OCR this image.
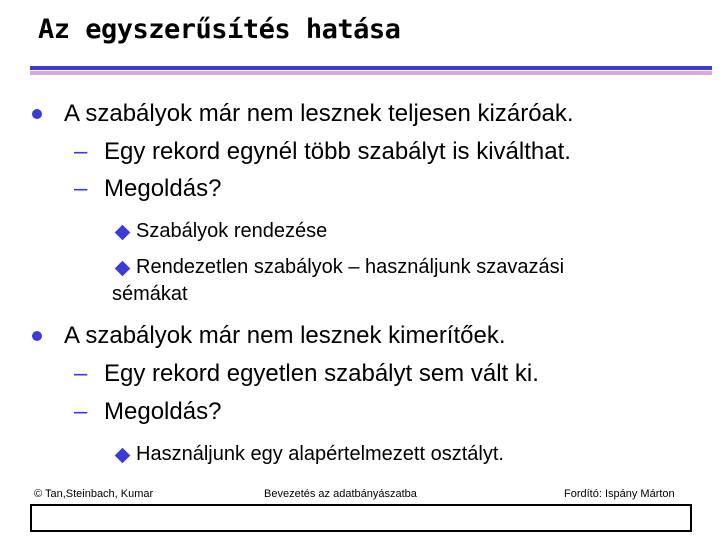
Az egyszerűsítés hatása
A szabályok már nem lesznek teljesen kizáróak.
– Egy rekord egynél több szabályt is kiválthat.
– Megoldás?
Szabályok rendezése
Rendezetlen szabályok – használjunk szavazási
sémákat
A szabályok már nem lesznek kimerítőek.
– Egy rekord egyetlen szabályt sem vált ki.
– Megoldás?
Használjunk egy alapértelmezett osztályt.
© Tan,Steinbach, Kumar	Bevezetés az adatbányászatba	Fordító: Ispány Márton
